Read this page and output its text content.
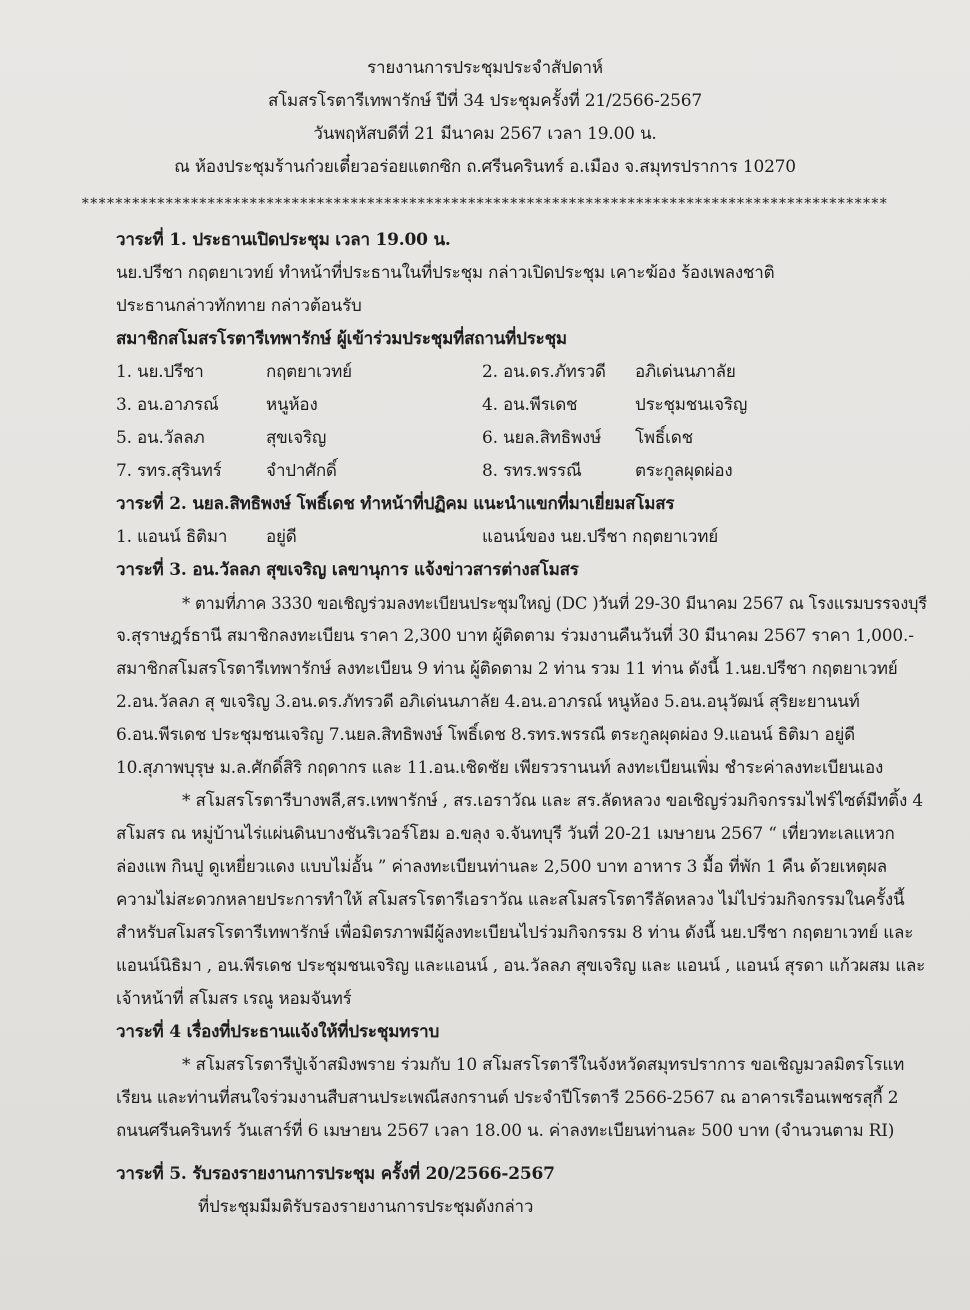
รายงานการประชุมประจำสัปดาห์
สโมสรโรตารีเทพารักษ์ ปีที่ 34 ประชุมครั้งที่ 21/2566-2567
วันพฤหัสบดีที่ 21 มีนาคม 2567 เวลา 19.00 น.
ณ ห้องประชุมร้านก๋วยเตี๋ยวอร่อยแตกซิก ถ.ศรีนครินทร์ อ.เมือง จ.สมุทรปราการ 10270
************************************************************************************************
วาระที่ 1. ประธานเปิดประชุม เวลา 19.00 น.
นย.ปรีชา กฤตยาเวทย์ ทำหน้าที่ประธานในที่ประชุม กล่าวเปิดประชุม เคาะฆ้อง ร้องเพลงชาติ
ประธานกล่าวทักทาย กล่าวต้อนรับ
สมาชิกสโมสรโรตารีเทพารักษ์ ผู้เข้าร่วมประชุมที่สถานที่ประชุม
1. นย.ปรีชา	กฤตยาเวทย์	2. อน.ดร.ภัทรวดี	อภิเด่นนภาลัย
3. อน.อาภรณ์	หนูห้อง	4. อน.พีรเดช	ประชุมชนเจริญ
5. อน.วัลลภ	สุขเจริญ	6. นยล.สิทธิพงษ์	โพธิ์เดช
7. รทร.สุรินทร์	จำปาศักดิ์	8. รทร.พรรณี	ตระกูลผุดผ่อง
วาระที่ 2. นยล.สิทธิพงษ์ โพธิ์เดช ทำหน้าที่ปฏิคม แนะนำแขกที่มาเยี่ยมสโมสร
1. แอนน์ ธิติมา	อยู่ดี	แอนน์ของ นย.ปรีชา กฤตยาเวทย์
วาระที่ 3. อน.วัลลภ สุขเจริญ เลขานุการ แจ้งข่าวสารต่างสโมสร

* ตามที่ภาค 3330 ขอเชิญร่วมลงทะเบียนประชุมใหญ่ (DC )วันที่ 29-30 มีนาคม 2567 ณ โรงแรมบรรจงบุรี

จ.สุราษฎร์ธานี สมาชิกลงทะเบียน ราคา 2,300 บาท ผู้ติดตาม ร่วมงานคืนวันที่ 30 มีนาคม 2567 ราคา 1,000.-

สมาชิกสโมสรโรตารีเทพารักษ์ ลงทะเบียน 9 ท่าน ผู้ติดตาม 2 ท่าน รวม 11 ท่าน ดังนี้ 1.นย.ปรีชา กฤตยาเวทย์

2.อน.วัลลภ สุ ขเจริญ 3.อน.ดร.ภัทรวดี อภิเด่นนภาลัย 4.อน.อาภรณ์ หนูห้อง 5.อน.อนุวัฒน์ สุริยะยานนท์

6.อน.พีรเดช ประชุมชนเจริญ 7.นยล.สิทธิพงษ์ โพธิ์เดช 8.รทร.พรรณี ตระกูลผุดผ่อง 9.แอนน์ ธิติมา อยู่ดี

10.สุภาพบุรุษ ม.ล.ศักดิ์สิริ กฤดากร และ 11.อน.เชิดชัย เพียรวรานนท์ ลงทะเบียนเพิ่ม ชำระค่าลงทะเบียนเอง

* สโมสรโรตารีบางพลี,สร.เทพารักษ์ , สร.เอราวัณ และ สร.ลัดหลวง ขอเชิญร่วมกิจกรรมไฟร์ไซต์มีทติ้ง 4

สโมสร ณ หมู่บ้านไร่แผ่นดินบางชันริเวอร์โฮม อ.ขลุง จ.จันทบุรี วันที่ 20-21 เมษายน 2567 “ เที่ยวทะเลแหวก

ล่องแพ กินปู ดูเหยี่ยวแดง แบบไม่อั้น ” ค่าลงทะเบียนท่านละ 2,500 บาท อาหาร 3 มื้อ ที่พัก 1 คืน ด้วยเหตุผล

ความไม่สะดวกหลายประการทำให้ สโมสรโรตารีเอราวัณ และสโมสรโรตารีลัดหลวง ไม่ไปร่วมกิจกรรมในครั้งนี้

สำหรับสโมสรโรตารีเทพารักษ์ เพื่อมิตรภาพมีผู้ลงทะเบียนไปร่วมกิจกรรม 8 ท่าน ดังนี้ นย.ปรีชา กฤตยาเวทย์ และ

แอนน์นิธิมา , อน.พีรเดช ประชุมชนเจริญ และแอนน์ , อน.วัลลภ สุขเจริญ และ แอนน์ , แอนน์ สุรดา แก้วผสม และ

เจ้าหน้าที่ สโมสร เรณู หอมจันทร์

วาระที่ 4 เรื่องที่ประธานแจ้งให้ที่ประชุมทราบ

* สโมสรโรตารีปู่เจ้าสมิงพราย ร่วมกับ 10 สโมสรโรตารีในจังหวัดสมุทรปราการ ขอเชิญมวลมิตรโรแท

เรียน และท่านที่สนใจร่วมงานสืบสานประเพณีสงกรานต์ ประจำปีโรตารี 2566-2567 ณ อาคารเรือนเพชรสุกี้ 2

ถนนศรีนครินทร์ วันเสาร์ที่ 6 เมษายน 2567 เวลา 18.00 น. ค่าลงทะเบียนท่านละ 500 บาท (จำนวนตาม RI)

วาระที่ 5. รับรองรายงานการประชุม ครั้งที่ 20/2566-2567
ที่ประชุมมีมติรับรองรายงานการประชุมดังกล่าว
